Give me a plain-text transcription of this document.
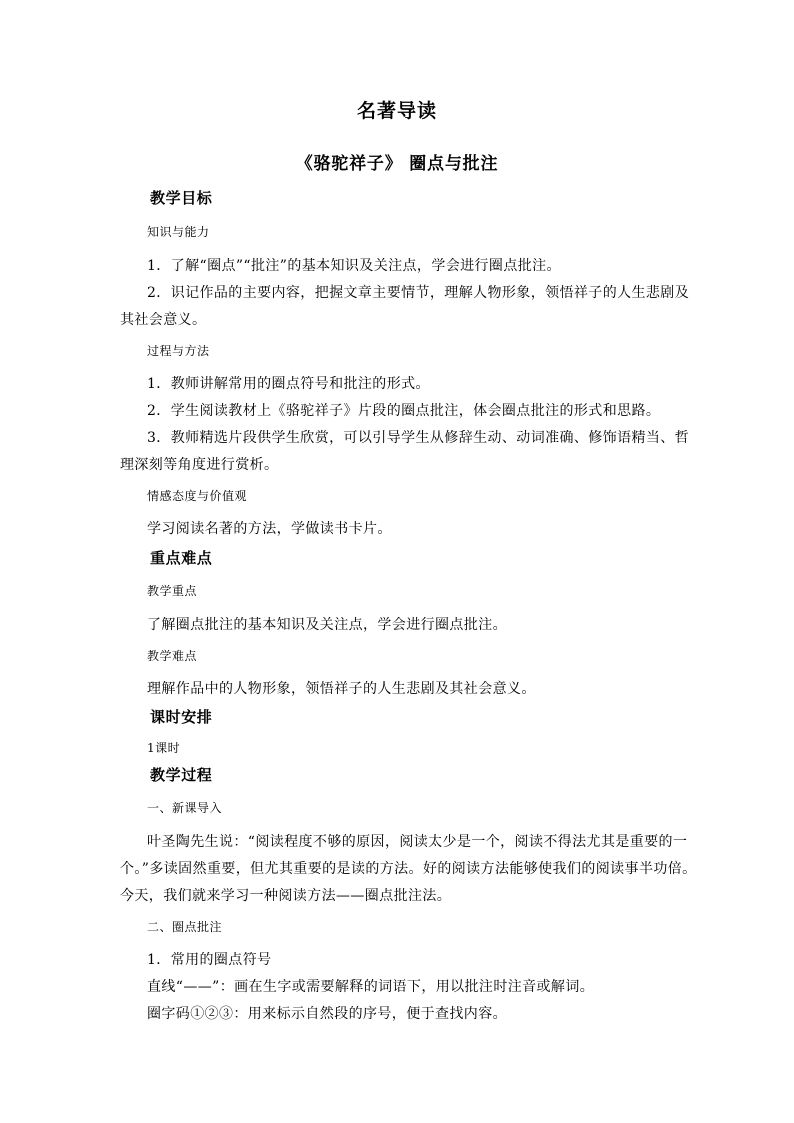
名著导读
《骆驼祥子》 圈点与批注
教学目标
知识与能力
1．了解“圈点”“批注”的基本知识及关注点，学会进行圈点批注。
2．识记作品的主要内容，把握文章主要情节，理解人物形象，领悟祥子的人生悲剧及
其社会意义。
过程与方法
1．教师讲解常用的圈点符号和批注的形式。
2．学生阅读教材上《骆驼祥子》片段的圈点批注，体会圈点批注的形式和思路。
3．教师精选片段供学生欣赏，可以引导学生从修辞生动、动词准确、修饰语精当、哲
理深刻等角度进行赏析。
情感态度与价值观
学习阅读名著的方法，学做读书卡片。
重点难点
教学重点
了解圈点批注的基本知识及关注点，学会进行圈点批注。
教学难点
理解作品中的人物形象，领悟祥子的人生悲剧及其社会意义。
课时安排
1课时
教学过程
一、新课导入
叶圣陶先生说：“阅读程度不够的原因，阅读太少是一个，阅读不得法尤其是重要的一
个。”多读固然重要，但尤其重要的是读的方法。好的阅读方法能够使我们的阅读事半功倍。
今天，我们就来学习一种阅读方法——圈点批注法。
二、圈点批注
1．常用的圈点符号
直线“——”：画在生字或需要解释的词语下，用以批注时注音或解词。
圈字码①②③：用来标示自然段的序号，便于查找内容。
